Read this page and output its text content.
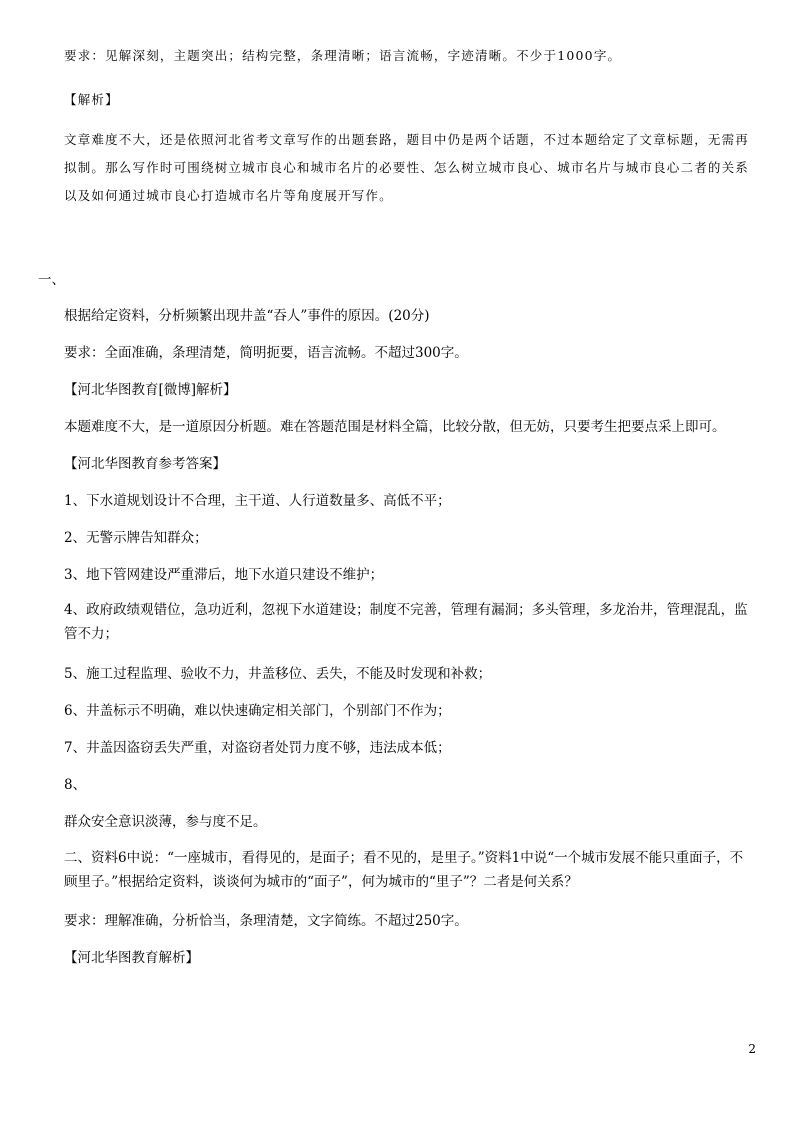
要求：见解深刻，主题突出；结构完整，条理清晰；语言流畅，字迹清晰。不少于1000字。
【解析】
文章难度不大，还是依照河北省考文章写作的出题套路，题目中仍是两个话题，不过本题给定了文章标题，无需再拟制。那么写作时可围绕树立城市良心和城市名片的必要性、怎么树立城市良心、城市名片与城市良心二者的关系以及如何通过城市良心打造城市名片等角度展开写作。
一、
根据给定资料，分析频繁出现井盖“吞人”事件的原因。(20分)
要求：全面准确，条理清楚，简明扼要，语言流畅。不超过300字。
【河北华图教育[微博]解析】
本题难度不大，是一道原因分析题。难在答题范围是材料全篇，比较分散，但无妨，只要考生把要点采上即可。
【河北华图教育参考答案】
1、下水道规划设计不合理，主干道、人行道数量多、高低不平；
2、无警示牌告知群众；
3、地下管网建设严重滞后，地下水道只建设不维护；
4、政府政绩观错位，急功近利，忽视下水道建设；制度不完善，管理有漏洞；多头管理，多龙治井，管理混乱，监管不力；
5、施工过程监理、验收不力，井盖移位、丢失，不能及时发现和补救；
6、井盖标示不明确，难以快速确定相关部门，个别部门不作为；
7、井盖因盗窃丢失严重，对盗窃者处罚力度不够，违法成本低；
8、
群众安全意识淡薄，参与度不足。
二、资料6中说：“一座城市，看得见的，是面子；看不见的，是里子。”资料1中说“一个城市发展不能只重面子，不顾里子。”根据给定资料，谈谈何为城市的“面子”，何为城市的“里子”？二者是何关系？
要求：理解准确，分析恰当，条理清楚，文字简练。不超过250字。
【河北华图教育解析】
2
